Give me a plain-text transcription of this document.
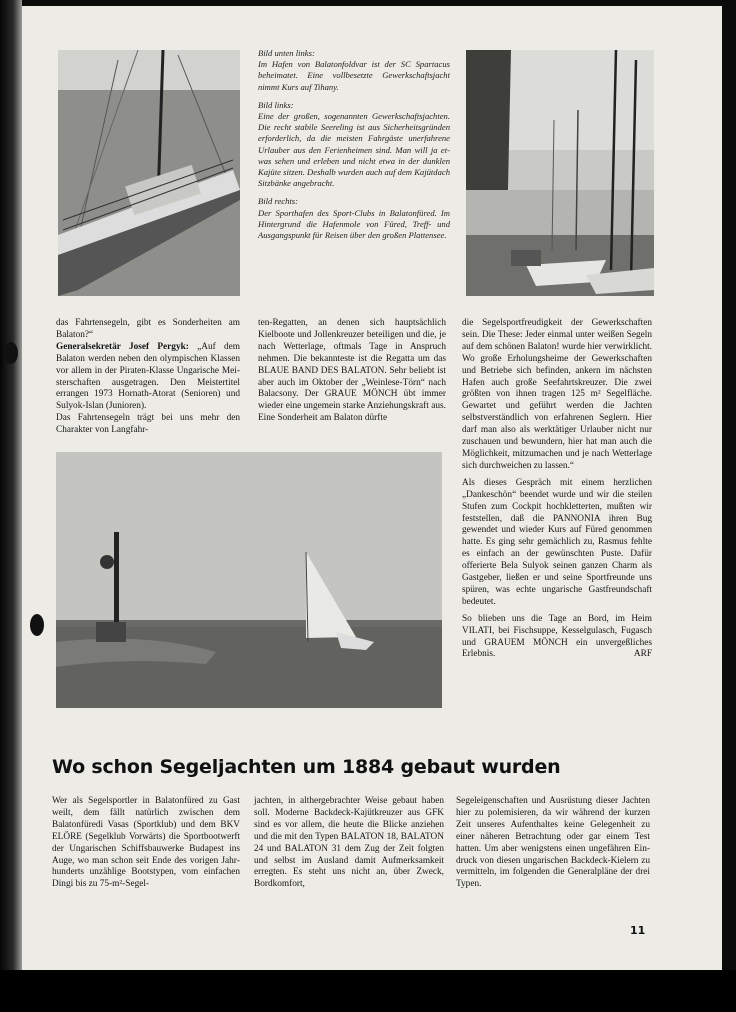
Bild unten links:

Im Hafen von Balatonfoldvar ist der SC Spartacus beheimatet. Eine vollbesetzte Gewerkschaftsjacht nimmt Kurs auf Tihany.

Bild links:

Eine der großen, sogenannten Gewerkschaftsjachten. Die recht stabile Seereling ist aus Sicherheitsgründen erforderlich, da die meisten Fahrgäste unerfahrene Urlauber aus den Ferienheimen sind. Man will ja etwas sehen und erleben und nicht etwa in der dunklen Kajüte sitzen. Deshalb wurden auch auf dem Kajütdach Sitzbänke angebracht.

Bild rechts:

Der Sporthafen des Sport-Clubs in Balatonfüred. Im Hintergrund die Hafenmole von Füred, Treff- und Ausgangspunkt für Reisen über den großen Plattensee.

das Fahrtensegeln, gibt es Sonderheiten am Balaton?“
Generalsekretär Josef Pergyk: „Auf dem Balaton werden neben den olympischen Klassen vor allem in der Piraten-Klasse Ungarische Meisterschaften ausgetragen. Den Meistertitel errangen 1973 Hornath-Atorat (Senioren) und Sulyok-Islan (Junioren).

Das Fahrtensegeln trägt bei uns mehr den Charakter von Langfahr-

ten-Regatten, an denen sich hauptsächlich Kielboote und Jollenkreuzer beteiligen und die, je nach Wetterlage, oftmals Tage in Anspruch nehmen. Die bekannteste ist die Regatta um das BLAUE BAND DES BALATON. Sehr beliebt ist aber auch im Oktober der „Weinlese-Törn“ nach Balacsony. Der GRAUE MÖNCH übt immer wieder eine ungemein starke Anziehungskraft aus. Eine Sonderheit am Balaton dürfte

die Segelsportfreudigkeit der Gewerkschaften sein. Die These: Jeder einmal unter weißen Segeln auf dem schönen Balaton! wurde hier verwirklicht. Wo große Erholungsheime der Gewerkschaften und Betriebe sich befinden, ankern im nächsten Hafen auch große Seefahrtskreuzer. Die zwei größten von ihnen tragen 125 m² Segelfläche. Gewartet und geführt werden die Jachten selbstverständlich von erfahrenen Seglern. Hier darf man also als werktätiger Urlauber nicht nur zuschauen und bewundern, hier hat man auch die Möglichkeit, mitzumachen und je nach Wetterlage sich durchweichen zu lassen.“

Als dieses Gespräch mit einem herzlichen „Dankeschön“ beendet wurde und wir die steilen Stufen zum Cockpit hochkletterten, mußten wir feststellen, daß die PANNONIA ihren Bug gewendet und wieder Kurs auf Füred genommen hatte. Es ging sehr gemächlich zu, Rasmus fehlte es einfach an der gewünschten Puste. Dafür offerierte Bela Sulyok seinen ganzen Charm als Gastgeber, ließen er und seine Sportfreunde uns spüren, was echte ungarische Gastfreundschaft bedeutet.

So blieben uns die Tage an Bord, im Heim VILATI, bei Fischsuppe, Kesselgulasch, Fugasch und GRAUEM MÖNCH ein unvergeßliches Erlebnis.	ARF

Wo schon Segeljachten um 1884 gebaut wurden

Wer als Segelsportler in Balatonfüred zu Gast weilt, dem fällt natürlich zwischen dem Balatonfüredi Vasas (Sportklub) und dem BKV ELÖRE (Segelklub Vorwärts) die Sportbootwerft der Ungarischen Schiffsbauwerke Budapest ins Auge, wo man schon seit Ende des vorigen Jahrhunderts unzählige Bootstypen, vom einfachen Dingi bis zu 75-m²-Segel-

jachten, in althergebrachter Weise gebaut haben soll. Moderne Backdeck-Kajütkreuzer aus GFK sind es vor allem, die heute die Blicke anziehen und die mit den Typen BALATON 18, BALATON 24 und BALATON 31 dem Zug der Zeit folgten und selbst im Ausland damit Aufmerksamkeit erregten. Es steht uns nicht an, über Zweck, Bordkomfort,

Segeleigenschaften und Ausrüstung dieser Jachten hier zu polemisieren, da wir während der kurzen Zeit unseres Aufenthaltes keine Gelegenheit zu einer näheren Betrachtung oder gar einem Test hatten. Um aber wenigstens einen ungefähren Eindruck von diesen ungarischen Backdeck-Kielern zu vermitteln, im folgenden die Generalpläne der drei Typen.

11
